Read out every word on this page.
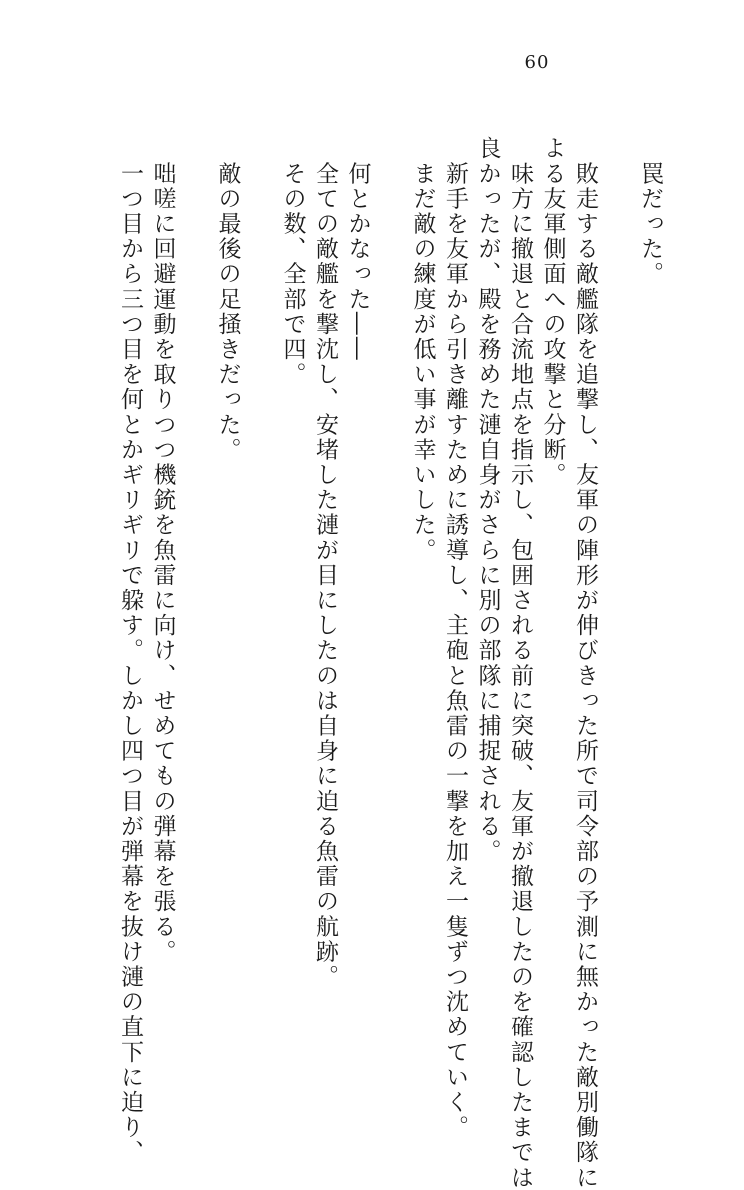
60

　罠だった。

　敗走する敵艦隊を追撃し、友軍の陣形が伸びきった所で司令部の予測に無かった敵別働隊に

よる友軍側面への攻撃と分断。

　味方に撤退と合流地点を指示し、包囲される前に突破、友軍が撤退したのを確認したまでは

良かったが、殿を務めた漣自身がさらに別の部隊に捕捉される。

　新手を友軍から引き離すために誘導し、主砲と魚雷の一撃を加え一隻ずつ沈めていく。

　まだ敵の練度が低い事が幸いした。

　何とかなった――

　全ての敵艦を撃沈し、安堵した漣が目にしたのは自身に迫る魚雷の航跡。

　その数、全部で四。

　敵の最後の足掻きだった。

　咄嗟に回避運動を取りつつ機銃を魚雷に向け、せめてもの弾幕を張る。

　一つ目から三つ目を何とかギリギリで躱す。しかし四つ目が弾幕を抜け漣の直下に迫り、
